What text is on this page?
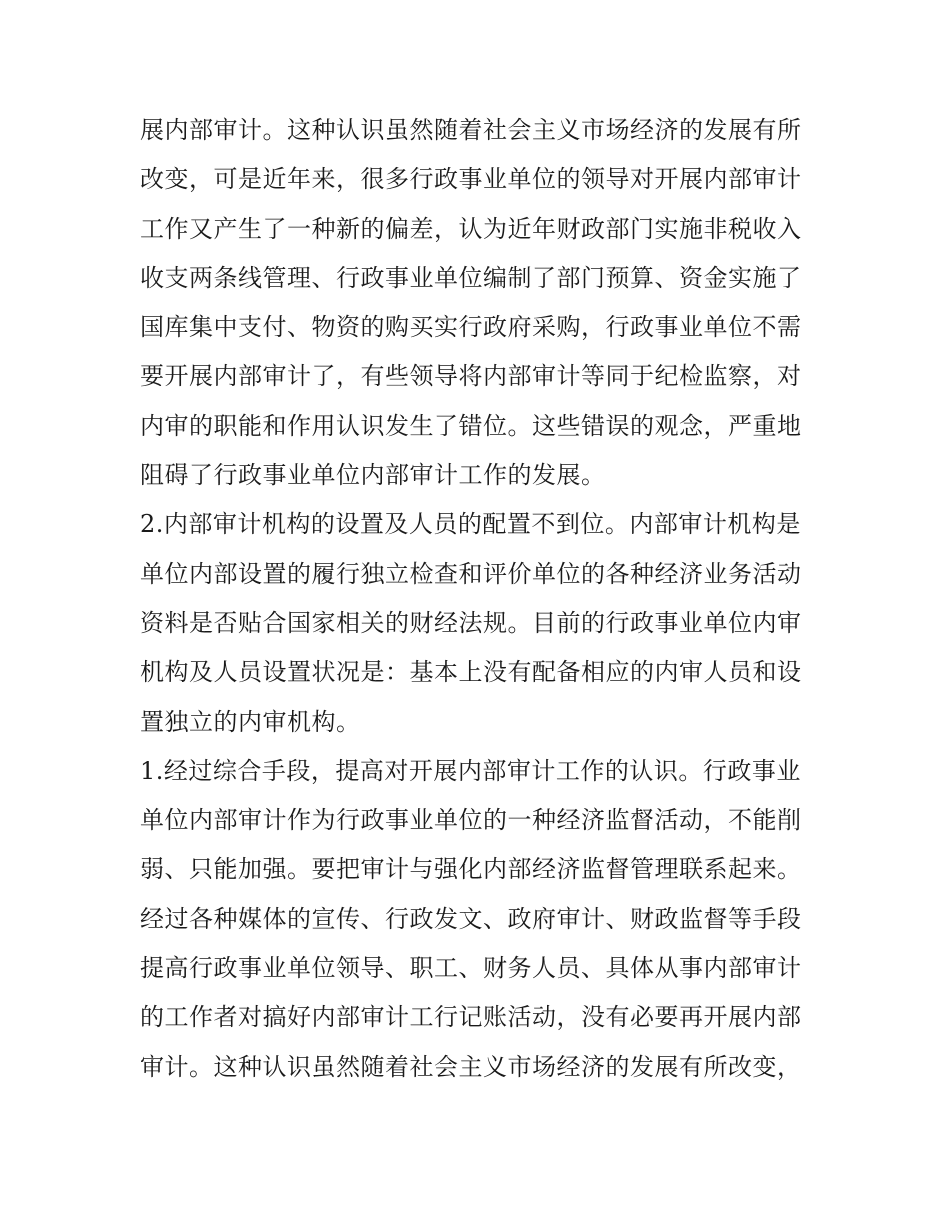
展内部审计。这种认识虽然随着社会主义市场经济的发展有所
改变，可是近年来，很多行政事业单位的领导对开展内部审计
工作又产生了一种新的偏差，认为近年财政部门实施非税收入
收支两条线管理、行政事业单位编制了部门预算、资金实施了
国库集中支付、物资的购买实行政府采购，行政事业单位不需
要开展内部审计了，有些领导将内部审计等同于纪检监察，对
内审的职能和作用认识发生了错位。这些错误的观念，严重地
阻碍了行政事业单位内部审计工作的发展。
2.内部审计机构的设置及人员的配置不到位。内部审计机构是
单位内部设置的履行独立检查和评价单位的各种经济业务活动
资料是否贴合国家相关的财经法规。目前的行政事业单位内审
机构及人员设置状况是：基本上没有配备相应的内审人员和设
置独立的内审机构。
1.经过综合手段，提高对开展内部审计工作的认识。行政事业
单位内部审计作为行政事业单位的一种经济监督活动，不能削
弱、只能加强。要把审计与强化内部经济监督管理联系起来。
经过各种媒体的宣传、行政发文、政府审计、财政监督等手段
提高行政事业单位领导、职工、财务人员、具体从事内部审计
的工作者对搞好内部审计工行记账活动，没有必要再开展内部
审计。这种认识虽然随着社会主义市场经济的发展有所改变，
